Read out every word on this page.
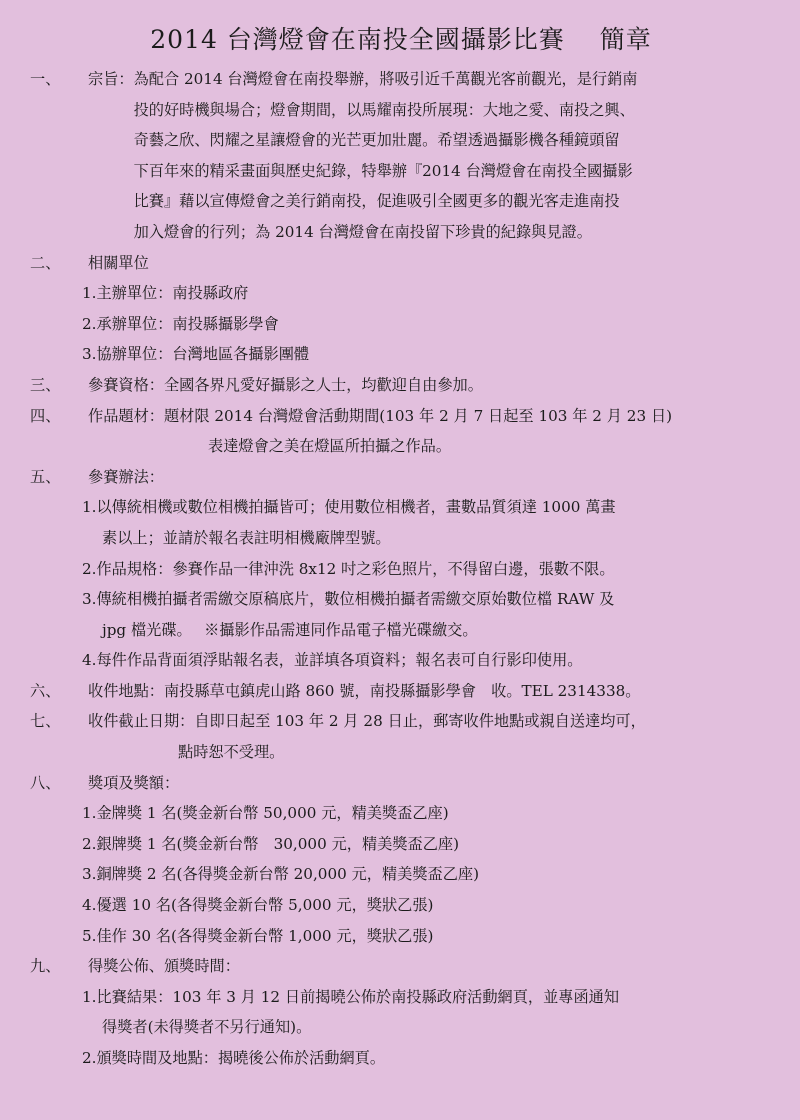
2014 台灣燈會在南投全國攝影比賽　 簡章
一、	宗旨： 為配合 2014 台灣燈會在南投舉辦，將吸引近千萬觀光客前觀光，是行銷南
投的好時機與場合；燈會期間，以馬耀南投所展現：大地之愛、南投之興、
奇藝之欣、閃耀之星讓燈會的光芒更加壯麗。希望透過攝影機各種鏡頭留
下百年來的精采畫面與歷史紀錄，特舉辦『2014 台灣燈會在南投全國攝影
比賽』藉以宣傳燈會之美行銷南投，促進吸引全國更多的觀光客走進南投
加入燈會的行列；為 2014 台灣燈會在南投留下珍貴的紀錄與見證。
二、	相關單位
1.主辦單位：南投縣政府
2.承辦單位：南投縣攝影學會
3.協辦單位：台灣地區各攝影團體
三、	參賽資格：全國各界凡愛好攝影之人士，均歡迎自由參加。
四、	作品題材：題材限 2014 台灣燈會活動期間(103 年 2 月 7 日起至 103 年 2 月 23 日)
表達燈會之美在燈區所拍攝之作品。
五、	參賽辦法：
1.以傳統相機或數位相機拍攝皆可；使用數位相機者，畫數品質須達 1000 萬畫
素以上；並請於報名表註明相機廠牌型號。
2.作品規格：參賽作品一律沖洗 8x12 吋之彩色照片，不得留白邊，張數不限。
3.傳統相機拍攝者需繳交原稿底片，數位相機拍攝者需繳交原始數位檔 RAW 及
jpg 檔光碟。　 ※攝影作品需連同作品電子檔光碟繳交。
4.每件作品背面須浮貼報名表，並詳填各項資料；報名表可自行影印使用。
六、	收件地點：南投縣草屯鎮虎山路 860 號，南投縣攝影學會　收。TEL 2314338。
七、	收件截止日期：自即日起至 103 年 2 月 28 日止，郵寄收件地點或親自送達均可，
點時恕不受理。
八、	獎項及獎額：
1.金牌獎 1 名(獎金新台幣 50,000 元，精美獎盃乙座)
2.銀牌獎 1 名(獎金新台幣　30,000 元，精美獎盃乙座)
3.銅牌獎 2 名(各得獎金新台幣 20,000 元，精美獎盃乙座)
4.優選 10 名(各得獎金新台幣 5,000 元，獎狀乙張)
5.佳作 30 名(各得獎金新台幣 1,000 元，獎狀乙張)
九、	得獎公佈、頒獎時間：
1.比賽結果：103 年 3 月 12 日前揭曉公佈於南投縣政府活動網頁，並專函通知
得獎者(未得獎者不另行通知)。
2.頒獎時間及地點：揭曉後公佈於活動網頁。
